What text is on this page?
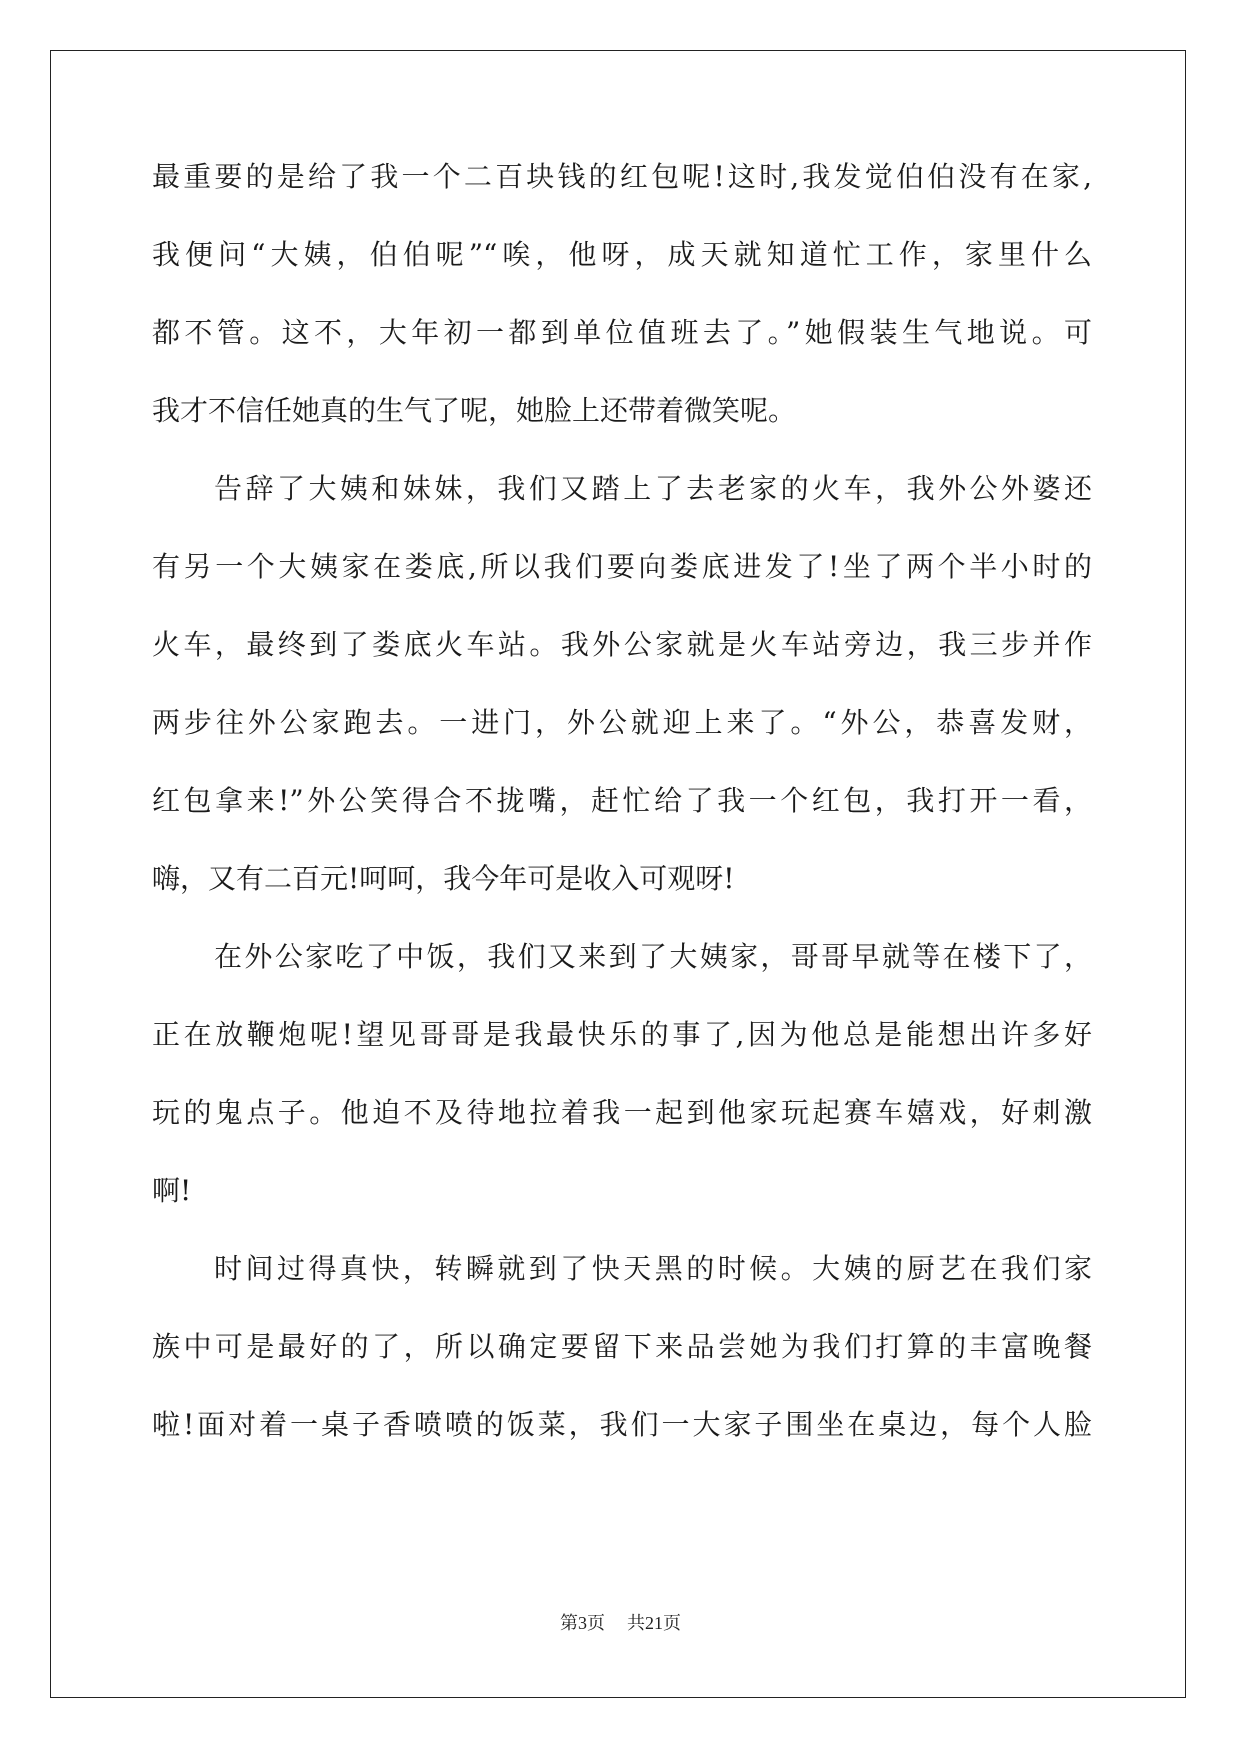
最重要的是给了我一个二百块钱的红包呢!这时,我发觉伯伯没有在家,
我便问“大姨，伯伯呢”“唉，他呀，成天就知道忙工作，家里什么
都不管。这不，大年初一都到单位值班去了。”她假装生气地说。可
我才不信任她真的生气了呢，她脸上还带着微笑呢。
告辞了大姨和妹妹，我们又踏上了去老家的火车，我外公外婆还
有另一个大姨家在娄底,所以我们要向娄底进发了!坐了两个半小时的
火车，最终到了娄底火车站。我外公家就是火车站旁边，我三步并作
两步往外公家跑去。一进门，外公就迎上来了。“外公，恭喜发财，
红包拿来!”外公笑得合不拢嘴，赶忙给了我一个红包，我打开一看，
嗨，又有二百元!呵呵，我今年可是收入可观呀!
在外公家吃了中饭，我们又来到了大姨家，哥哥早就等在楼下了，
正在放鞭炮呢!望见哥哥是我最快乐的事了,因为他总是能想出许多好
玩的鬼点子。他迫不及待地拉着我一起到他家玩起赛车嬉戏，好刺激
啊!
时间过得真快，转瞬就到了快天黑的时候。大姨的厨艺在我们家
族中可是最好的了，所以确定要留下来品尝她为我们打算的丰富晚餐
啦!面对着一桌子香喷喷的饭菜，我们一大家子围坐在桌边，每个人脸
第3页 共21页
